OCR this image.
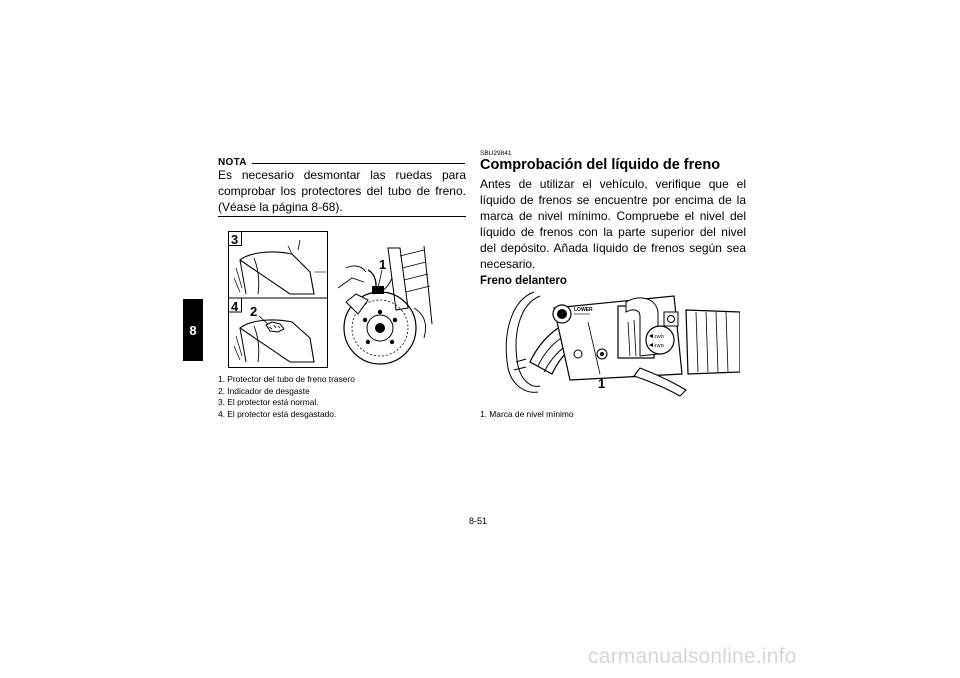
8
NOTA
Es necesario desmontar las ruedas para comprobar los protectores del tubo de freno. (Véase la página 8-68).
3
4 2
1
1. Protector del tubo de freno trasero
2. Indicador de desgaste
3. El protector está normal.
4. El protector está desgastado.
SBU29841
Comprobación del líquido de freno
Antes de utilizar el vehículo, verifique que el líquido de frenos se encuentre por encima de la marca de nivel mínimo. Compruebe el nivel del líquido de frenos con la parte superior del nivel del depósito. Añada líquido de frenos según sea necesario.
Freno delantero
LOWER
2WD
4WD
1
1. Marca de nivel mínimo
8-51
carmanualsonline.info
